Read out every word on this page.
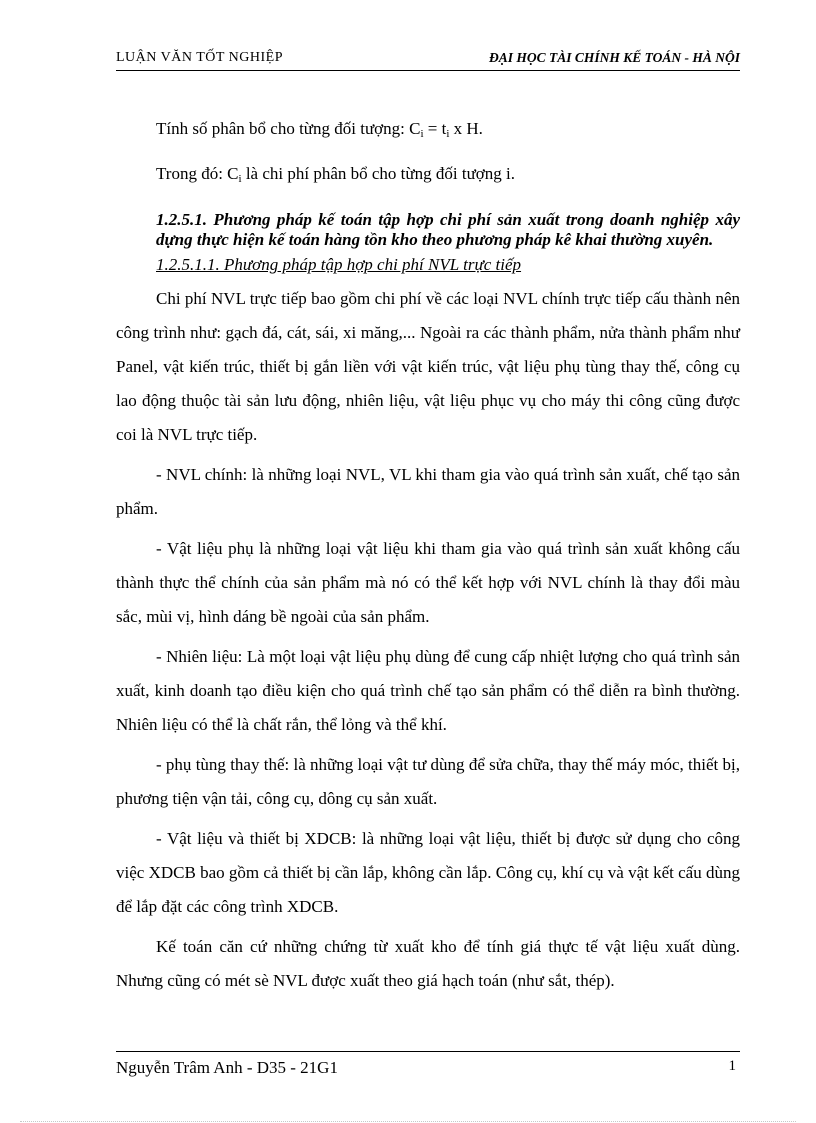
LUẬN VĂN TỐT NGHIỆP	ĐẠI HỌC TÀI CHÍNH KẾ TOÁN - HÀ NỘI

Tính số phân bổ cho từng đối tượng: $C_i = t_i$ x H.

Trong đó: $C_i$ là chi phí phân bổ cho từng đối tượng i.

1.2.5.1. Phương pháp kế toán tập hợp chi phí sản xuất trong doanh nghiệp xây dựng thực hiện kế toán hàng tồn kho theo phương pháp kê khai thường xuyên.

1.2.5.1.1. Phương pháp tập hợp chi phí NVL trực tiếp

Chi phí NVL trực tiếp bao gồm chi phí về các loại NVL chính trực tiếp cấu thành nên công trình như: gạch đá, cát, sái, xi măng,... Ngoài ra các thành phẩm, nửa thành phẩm như Panel, vật kiến trúc, thiết bị gắn liền với vật kiến trúc, vật liệu phụ tùng thay thế, công cụ lao động thuộc tài sản lưu động, nhiên liệu, vật liệu phục vụ cho máy thi công cũng được coi là NVL trực tiếp.

- NVL chính: là những loại NVL, VL khi tham gia vào quá trình sản xuất, chế tạo sản phẩm.

- Vật liệu phụ là những loại vật liệu khi tham gia vào quá trình sản xuất không cấu thành thực thể chính của sản phẩm mà nó có thể kết hợp với NVL chính là thay đổi màu sắc, mùi vị, hình dáng bề ngoài của sản phẩm.

- Nhiên liệu: Là một loại vật liệu phụ dùng để cung cấp nhiệt lượng cho quá trình sản xuất, kinh doanh tạo điều kiện cho quá trình chế tạo sản phẩm có thể diễn ra bình thường. Nhiên liệu có thể là chất rắn, thể lỏng và thể khí.

- phụ tùng thay thế: là những loại vật tư dùng để sửa chữa, thay thế máy móc, thiết bị, phương tiện vận tải, công cụ, dông cụ sản xuất.

- Vật liệu và thiết bị XDCB: là những loại vật liệu, thiết bị được sử dụng cho công việc XDCB bao gồm cả thiết bị cần lắp, không cần lắp. Công cụ, khí cụ và vật kết cấu dùng để lắp đặt các công trình XDCB.

Kế toán căn cứ những chứng từ xuất kho để tính giá thực tế vật liệu xuất dùng. Nhưng cũng có mét sè NVL được xuất theo giá hạch toán (như sắt, thép).

Nguyễn Trâm Anh - D35 - 21G1	1
